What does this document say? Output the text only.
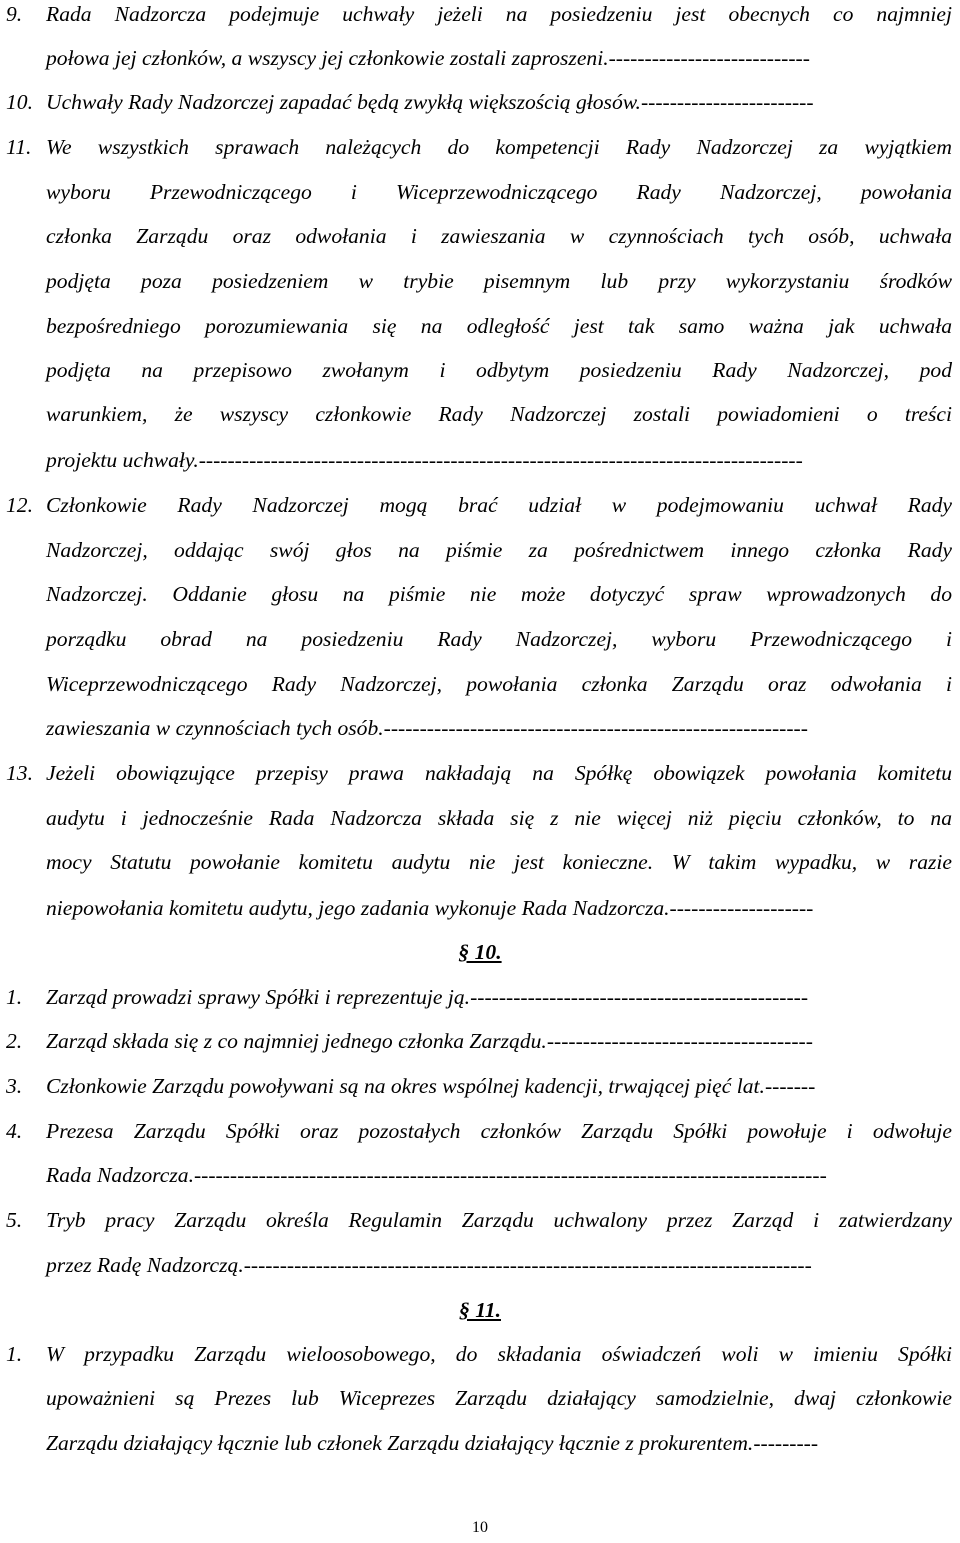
9. Rada Nadzorcza podejmuje uchwały jeżeli na posiedzeniu jest obecnych co najmniej
połowa jej członków, a wszyscy jej członkowie zostali zaproszeni.----------------------------
10. Uchwały Rady Nadzorczej zapadać będą zwykłą większością głosów.------------------------
11. We wszystkich sprawach należących do kompetencji Rady Nadzorczej za wyjątkiem
wyboru Przewodniczącego i Wiceprzewodniczącego Rady Nadzorczej, powołania
członka Zarządu oraz odwołania i zawieszania w czynnościach tych osób, uchwała
podjęta poza posiedzeniem w trybie pisemnym lub przy wykorzystaniu środków
bezpośredniego porozumiewania się na odległość jest tak samo ważna jak uchwała
podjęta na przepisowo zwołanym i odbytym posiedzeniu Rady Nadzorczej, pod
warunkiem, że wszyscy członkowie Rady Nadzorczej zostali powiadomieni o treści
projektu uchwały.------------------------------------------------------------------------------------
12. Członkowie Rady Nadzorczej mogą brać udział w podejmowaniu uchwał Rady
Nadzorczej, oddając swój głos na piśmie za pośrednictwem innego członka Rady
Nadzorczej. Oddanie głosu na piśmie nie może dotyczyć spraw wprowadzonych do
porządku obrad na posiedzeniu Rady Nadzorczej, wyboru Przewodniczącego i
Wiceprzewodniczącego Rady Nadzorczej, powołania członka Zarządu oraz odwołania i
zawieszania w czynnościach tych osób.-----------------------------------------------------------
13. Jeżeli obowiązujące przepisy prawa nakładają na Spółkę obowiązek powołania komitetu
audytu i jednocześnie Rada Nadzorcza składa się z nie więcej niż pięciu członków, to na
mocy Statutu powołanie komitetu audytu nie jest konieczne. W takim wypadku, w razie
niepowołania komitetu audytu, jego zadania wykonuje Rada Nadzorcza.--------------------
§ 10.
1. Zarząd prowadzi sprawy Spółki i reprezentuje ją.-----------------------------------------------
2. Zarząd składa się z co najmniej jednego członka Zarządu.-------------------------------------
3. Członkowie Zarządu powoływani są na okres wspólnej kadencji, trwającej pięć lat.-------
4. Prezesa Zarządu Spółki oraz pozostałych członków Zarządu Spółki powołuje i odwołuje
Rada Nadzorcza.----------------------------------------------------------------------------------------
5. Tryb pracy Zarządu określa Regulamin Zarządu uchwalony przez Zarząd i zatwierdzany
przez Radę Nadzorczą.-------------------------------------------------------------------------------
§ 11.
1. W przypadku Zarządu wieloosobowego, do składania oświadczeń woli w imieniu Spółki
upoważnieni są Prezes lub Wiceprezes Zarządu działający samodzielnie, dwaj członkowie
Zarządu działający łącznie lub członek Zarządu działający łącznie z prokurentem.---------
10
